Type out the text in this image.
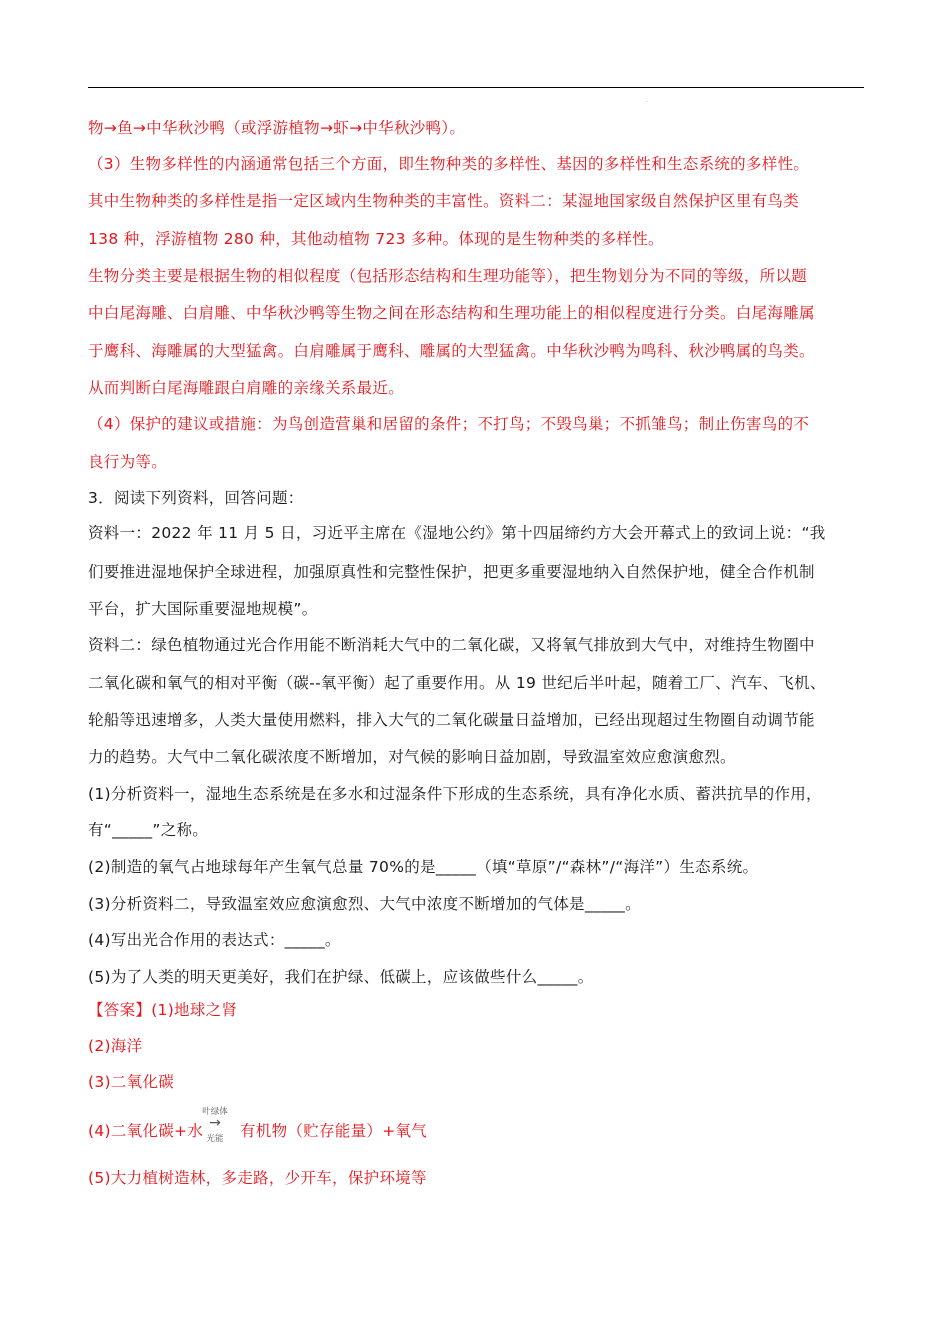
.
物→鱼→中华秋沙鸭（或浮游植物→虾→中华秋沙鸭）。
（3）生物多样性的内涵通常包括三个方面，即生物种类的多样性、基因的多样性和生态系统的多样性。
其中生物种类的多样性是指一定区域内生物种类的丰富性。资料二：某湿地国家级自然保护区里有鸟类
138 种，浮游植物 280 种，其他动植物 723 多种。体现的是生物种类的多样性。
生物分类主要是根据生物的相似程度（包括形态结构和生理功能等），把生物划分为不同的等级，所以题
中白尾海雕、白肩雕、中华秋沙鸭等生物之间在形态结构和生理功能上的相似程度进行分类。白尾海雕属
于鹰科、海雕属的大型猛禽。白肩雕属于鹰科、雕属的大型猛禽。中华秋沙鸭为鸣科、秋沙鸭属的鸟类。
从而判断白尾海雕跟白肩雕的亲缘关系最近。
（4）保护的建议或措施：为鸟创造营巢和居留的条件；不打鸟；不毁鸟巢；不抓雏鸟；制止伤害鸟的不
良行为等。
3．阅读下列资料，回答问题：
资料一：2022 年 11 月 5 日，习近平主席在《湿地公约》第十四届缔约方大会开幕式上的致词上说：“我
们要推进湿地保护全球进程，加强原真性和完整性保护，把更多重要湿地纳入自然保护地，健全合作机制
平台，扩大国际重要湿地规模”。
资料二：绿色植物通过光合作用能不断消耗大气中的二氧化碳，又将氧气排放到大气中，对维持生物圈中
二氧化碳和氧气的相对平衡（碳--氧平衡）起了重要作用。从 19 世纪后半叶起，随着工厂、汽车、飞机、
轮船等迅速增多，人类大量使用燃料，排入大气的二氧化碳量日益增加，已经出现超过生物圈自动调节能
力的趋势。大气中二氧化碳浓度不断增加，对气候的影响日益加剧，导致温室效应愈演愈烈。
(1)分析资料一，湿地生态系统是在多水和过湿条件下形成的生态系统，具有净化水质、蓄洪抗旱的作用，
有“_____”之称。
(2)制造的氧气占地球每年产生氧气总量 70%的是_____（填“草原”/“森林”/“海洋”）生态系统。
(3)分析资料二，导致温室效应愈演愈烈、大气中浓度不断增加的气体是_____。
(4)写出光合作用的表达式：_____。
(5)为了人类的明天更美好，我们在护绿、低碳上，应该做些什么_____。
【答案】(1)地球之肾
(2)海洋
(3)二氧化碳
(4)二氧化碳+水
叶绿体
→
光能	有机物（贮存能量）+氧气
(5)大力植树造林，多走路，少开车，保护环境等
